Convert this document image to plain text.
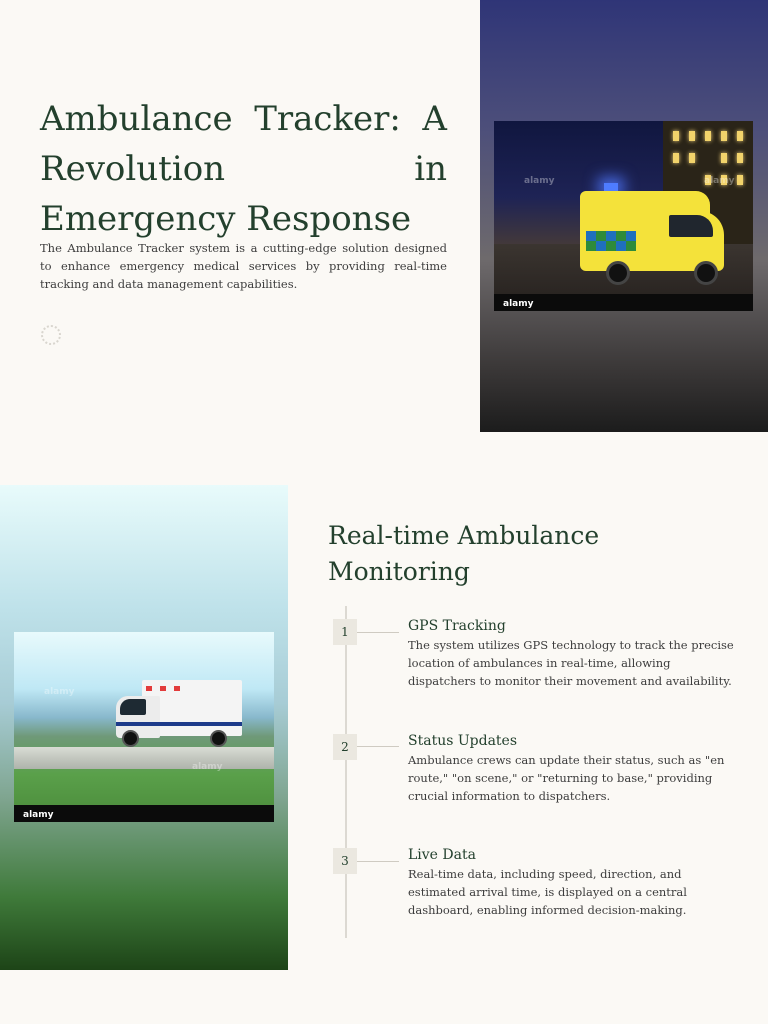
Ambulance Tracker: A Revolution in Emergency Response

The Ambulance Tracker system is a cutting-edge solution designed to enhance emergency medical services by providing real-time tracking and data management capabilities.

alamy	alamy
alamy
alamy
alamy
alamy
Real-time Ambulance Monitoring
1	GPS Tracking

The system utilizes GPS technology to track the precise location of ambulances in real-time, allowing dispatchers to monitor their movement and availability.

2	Status Updates

Ambulance crews can update their status, such as "en route," "on scene," or "returning to base," providing crucial information to dispatchers.

3	Live Data

Real-time data, including speed, direction, and estimated arrival time, is displayed on a central dashboard, enabling informed decision-making.
